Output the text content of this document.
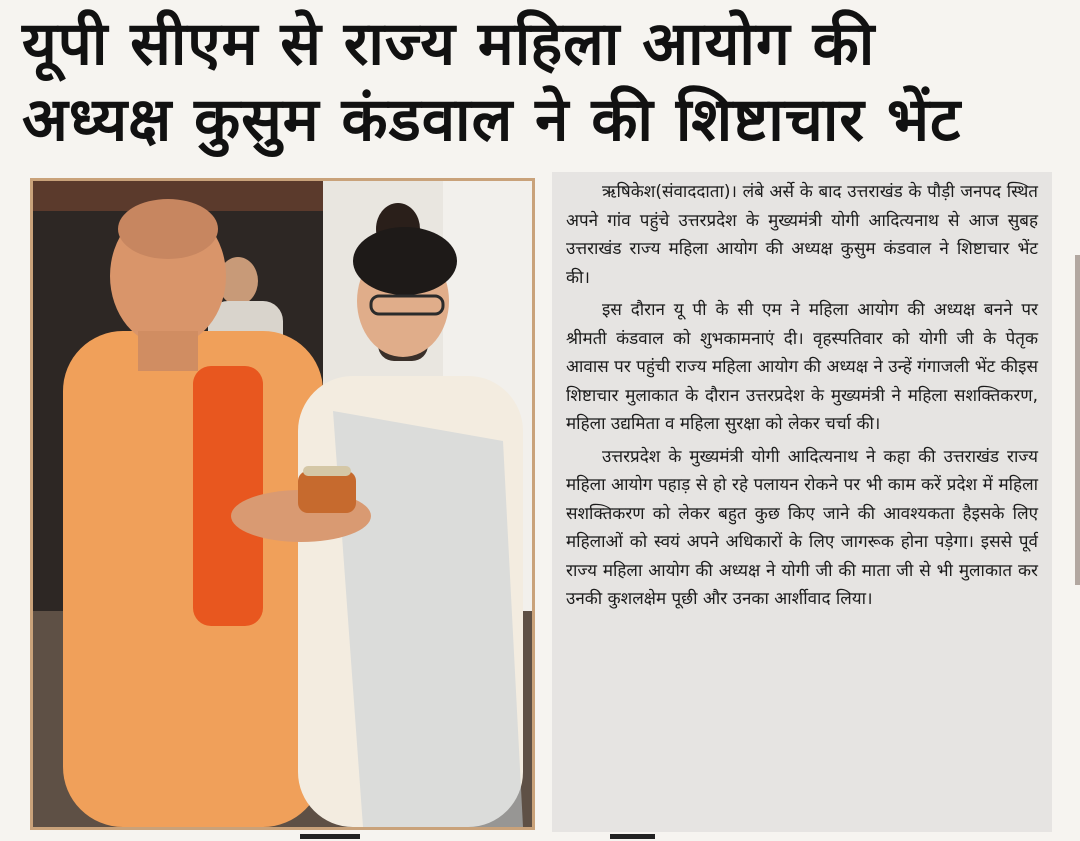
यूपी सीएम से राज्य महिला आयोग की
अध्यक्ष कुसुम कंडवाल ने की शिष्टाचार भेंट

ऋषिकेश(संवाददाता)। लंबे अर्से के बाद उत्तराखंड के पौड़ी जनपद स्थित अपने गांव पहुंचे उत्तरप्रदेश के मुख्यमंत्री योगी आदित्यनाथ से आज सुबह उत्तराखंड राज्य महिला आयोग की अध्यक्ष कुसुम कंडवाल ने शिष्टाचार भेंट की।

इस दौरान यू पी के सी एम ने महिला आयोग की अध्यक्ष बनने पर श्रीमती कंडवाल को शुभकामनाएं दी। वृहस्पतिवार को योगी जी के पेतृक आवास पर पहुंची राज्य महिला आयोग की अध्यक्ष ने उन्हें गंगाजली भेंट कीइस शिष्टाचार मुलाकात के दौरान उत्तरप्रदेश के मुख्यमंत्री ने महिला सशक्तिकरण, महिला उद्यमिता व महिला सुरक्षा को लेकर चर्चा की।

उत्तरप्रदेश के मुख्यमंत्री योगी आदित्यनाथ ने कहा की उत्तराखंड राज्य महिला आयोग पहाड़ से हो रहे पलायन रोकने पर भी काम करें प्रदेश में महिला सशक्तिकरण को लेकर बहुत कुछ किए जाने की आवश्यकता हैइसके लिए महिलाओं को स्वयं अपने अधिकारों के लिए जागरूक होना पड़ेगा। इससे पूर्व राज्य महिला आयोग की अध्यक्ष ने योगी जी की माता जी से भी मुलाकात कर उनकी कुशलक्षेम पूछी और उनका आर्शीवाद लिया।
